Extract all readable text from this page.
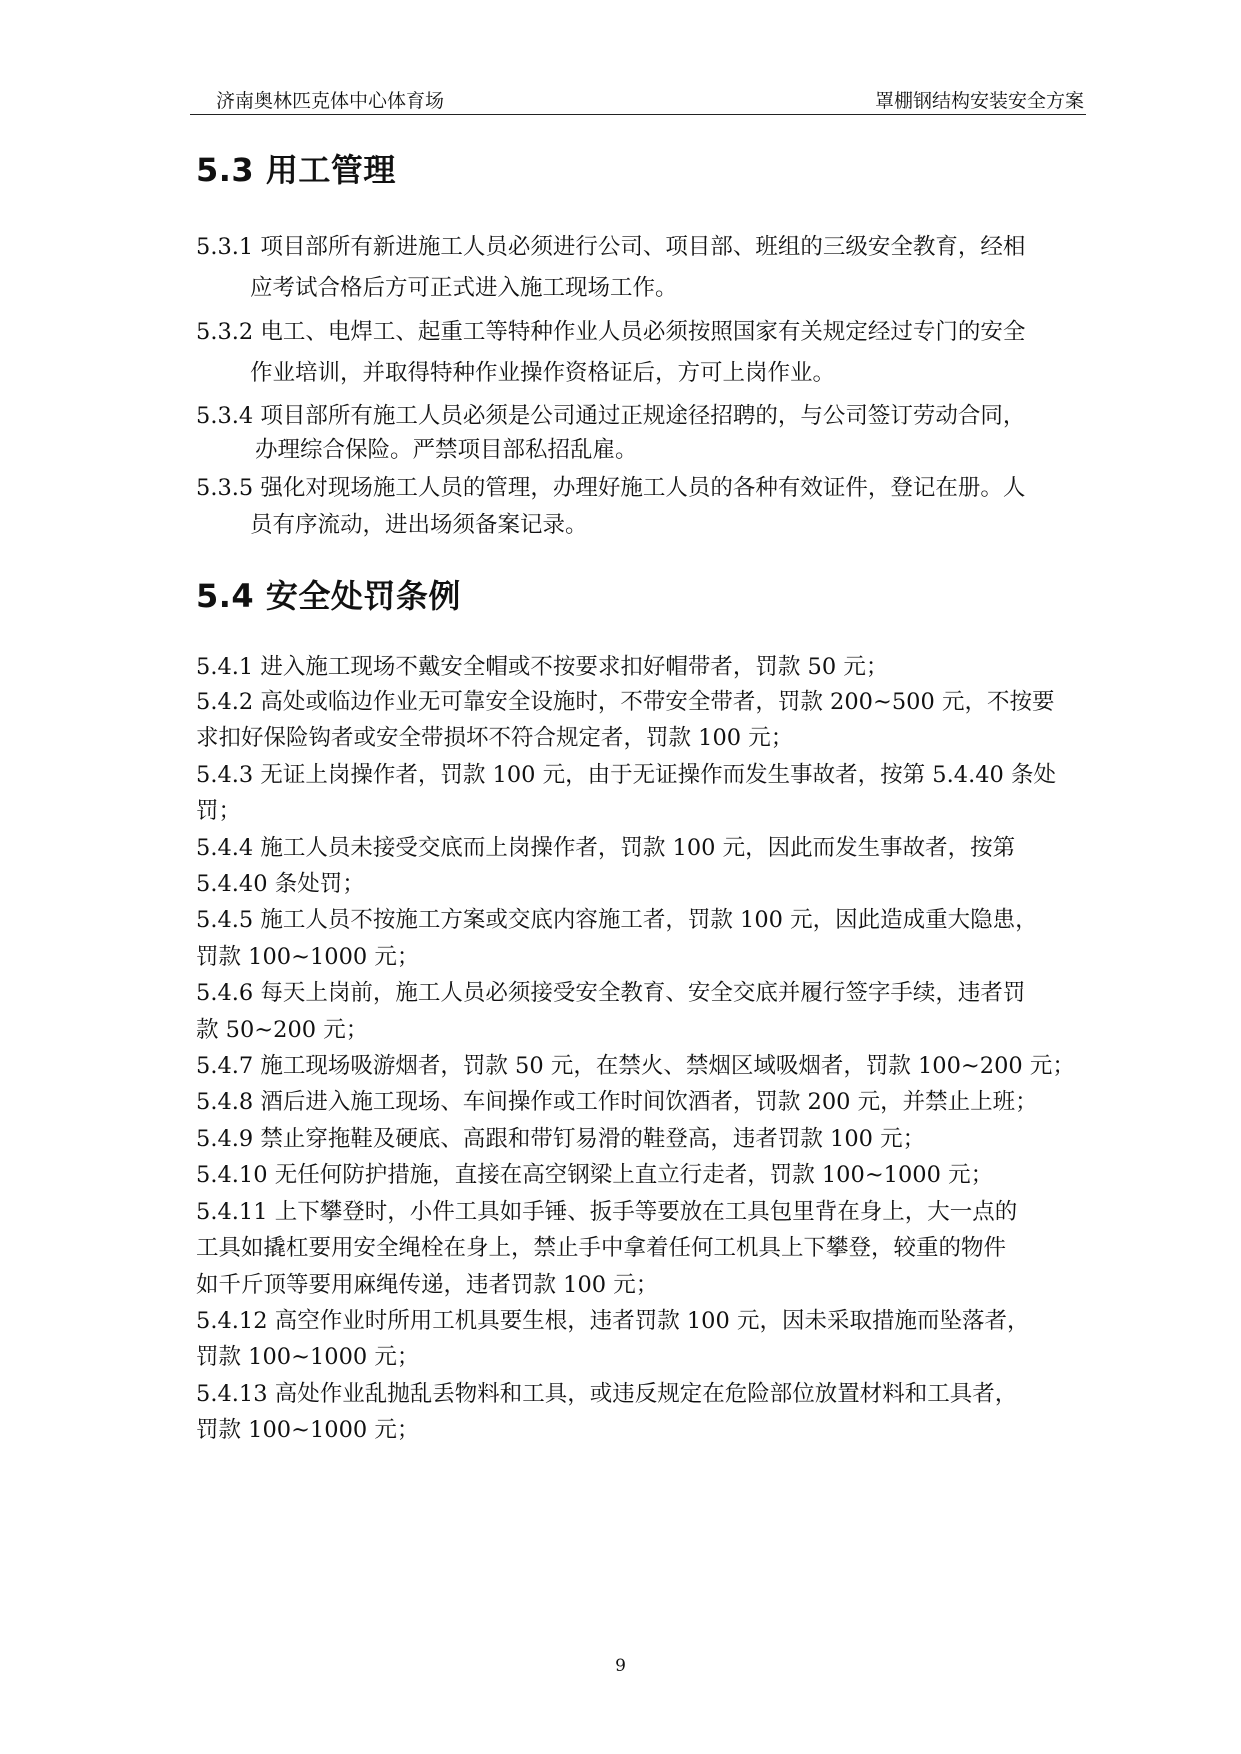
济南奥林匹克体中心体育场	罩棚钢结构安装安全方案
5.3 用工管理
5.3.1 项目部所有新进施工人员必须进行公司、项目部、班组的三级安全教育，经相
应考试合格后方可正式进入施工现场工作。
5.3.2 电工、电焊工、起重工等特种作业人员必须按照国家有关规定经过专门的安全
作业培训，并取得特种作业操作资格证后，方可上岗作业。
5.3.4 项目部所有施工人员必须是公司通过正规途径招聘的，与公司签订劳动合同，
办理综合保险。严禁项目部私招乱雇。
5.3.5 强化对现场施工人员的管理，办理好施工人员的各种有效证件，登记在册。人
员有序流动，进出场须备案记录。
5.4 安全处罚条例
5.4.1 进入施工现场不戴安全帽或不按要求扣好帽带者，罚款 50 元；
5.4.2 高处或临边作业无可靠安全设施时，不带安全带者，罚款 200~500 元，不按要
求扣好保险钩者或安全带损坏不符合规定者，罚款 100 元；
5.4.3 无证上岗操作者，罚款 100 元，由于无证操作而发生事故者，按第 5.4.40 条处
罚；
5.4.4 施工人员未接受交底而上岗操作者，罚款 100 元，因此而发生事故者，按第
5.4.40 条处罚；
5.4.5 施工人员不按施工方案或交底内容施工者，罚款 100 元，因此造成重大隐患，
罚款 100~1000 元；
5.4.6 每天上岗前，施工人员必须接受安全教育、安全交底并履行签字手续，违者罚
款 50~200 元；
5.4.7 施工现场吸游烟者，罚款 50 元，在禁火、禁烟区域吸烟者，罚款 100~200 元；
5.4.8 酒后进入施工现场、车间操作或工作时间饮酒者，罚款 200 元，并禁止上班；
5.4.9 禁止穿拖鞋及硬底、高跟和带钉易滑的鞋登高，违者罚款 100 元；
5.4.10 无任何防护措施，直接在高空钢梁上直立行走者，罚款 100~1000 元；
5.4.11 上下攀登时，小件工具如手锤、扳手等要放在工具包里背在身上，大一点的
工具如撬杠要用安全绳栓在身上，禁止手中拿着任何工机具上下攀登，较重的物件
如千斤顶等要用麻绳传递，违者罚款 100 元；
5.4.12 高空作业时所用工机具要生根，违者罚款 100 元，因未采取措施而坠落者，
罚款 100~1000 元；
5.4.13 高处作业乱抛乱丢物料和工具，或违反规定在危险部位放置材料和工具者，
罚款 100~1000 元；
9
